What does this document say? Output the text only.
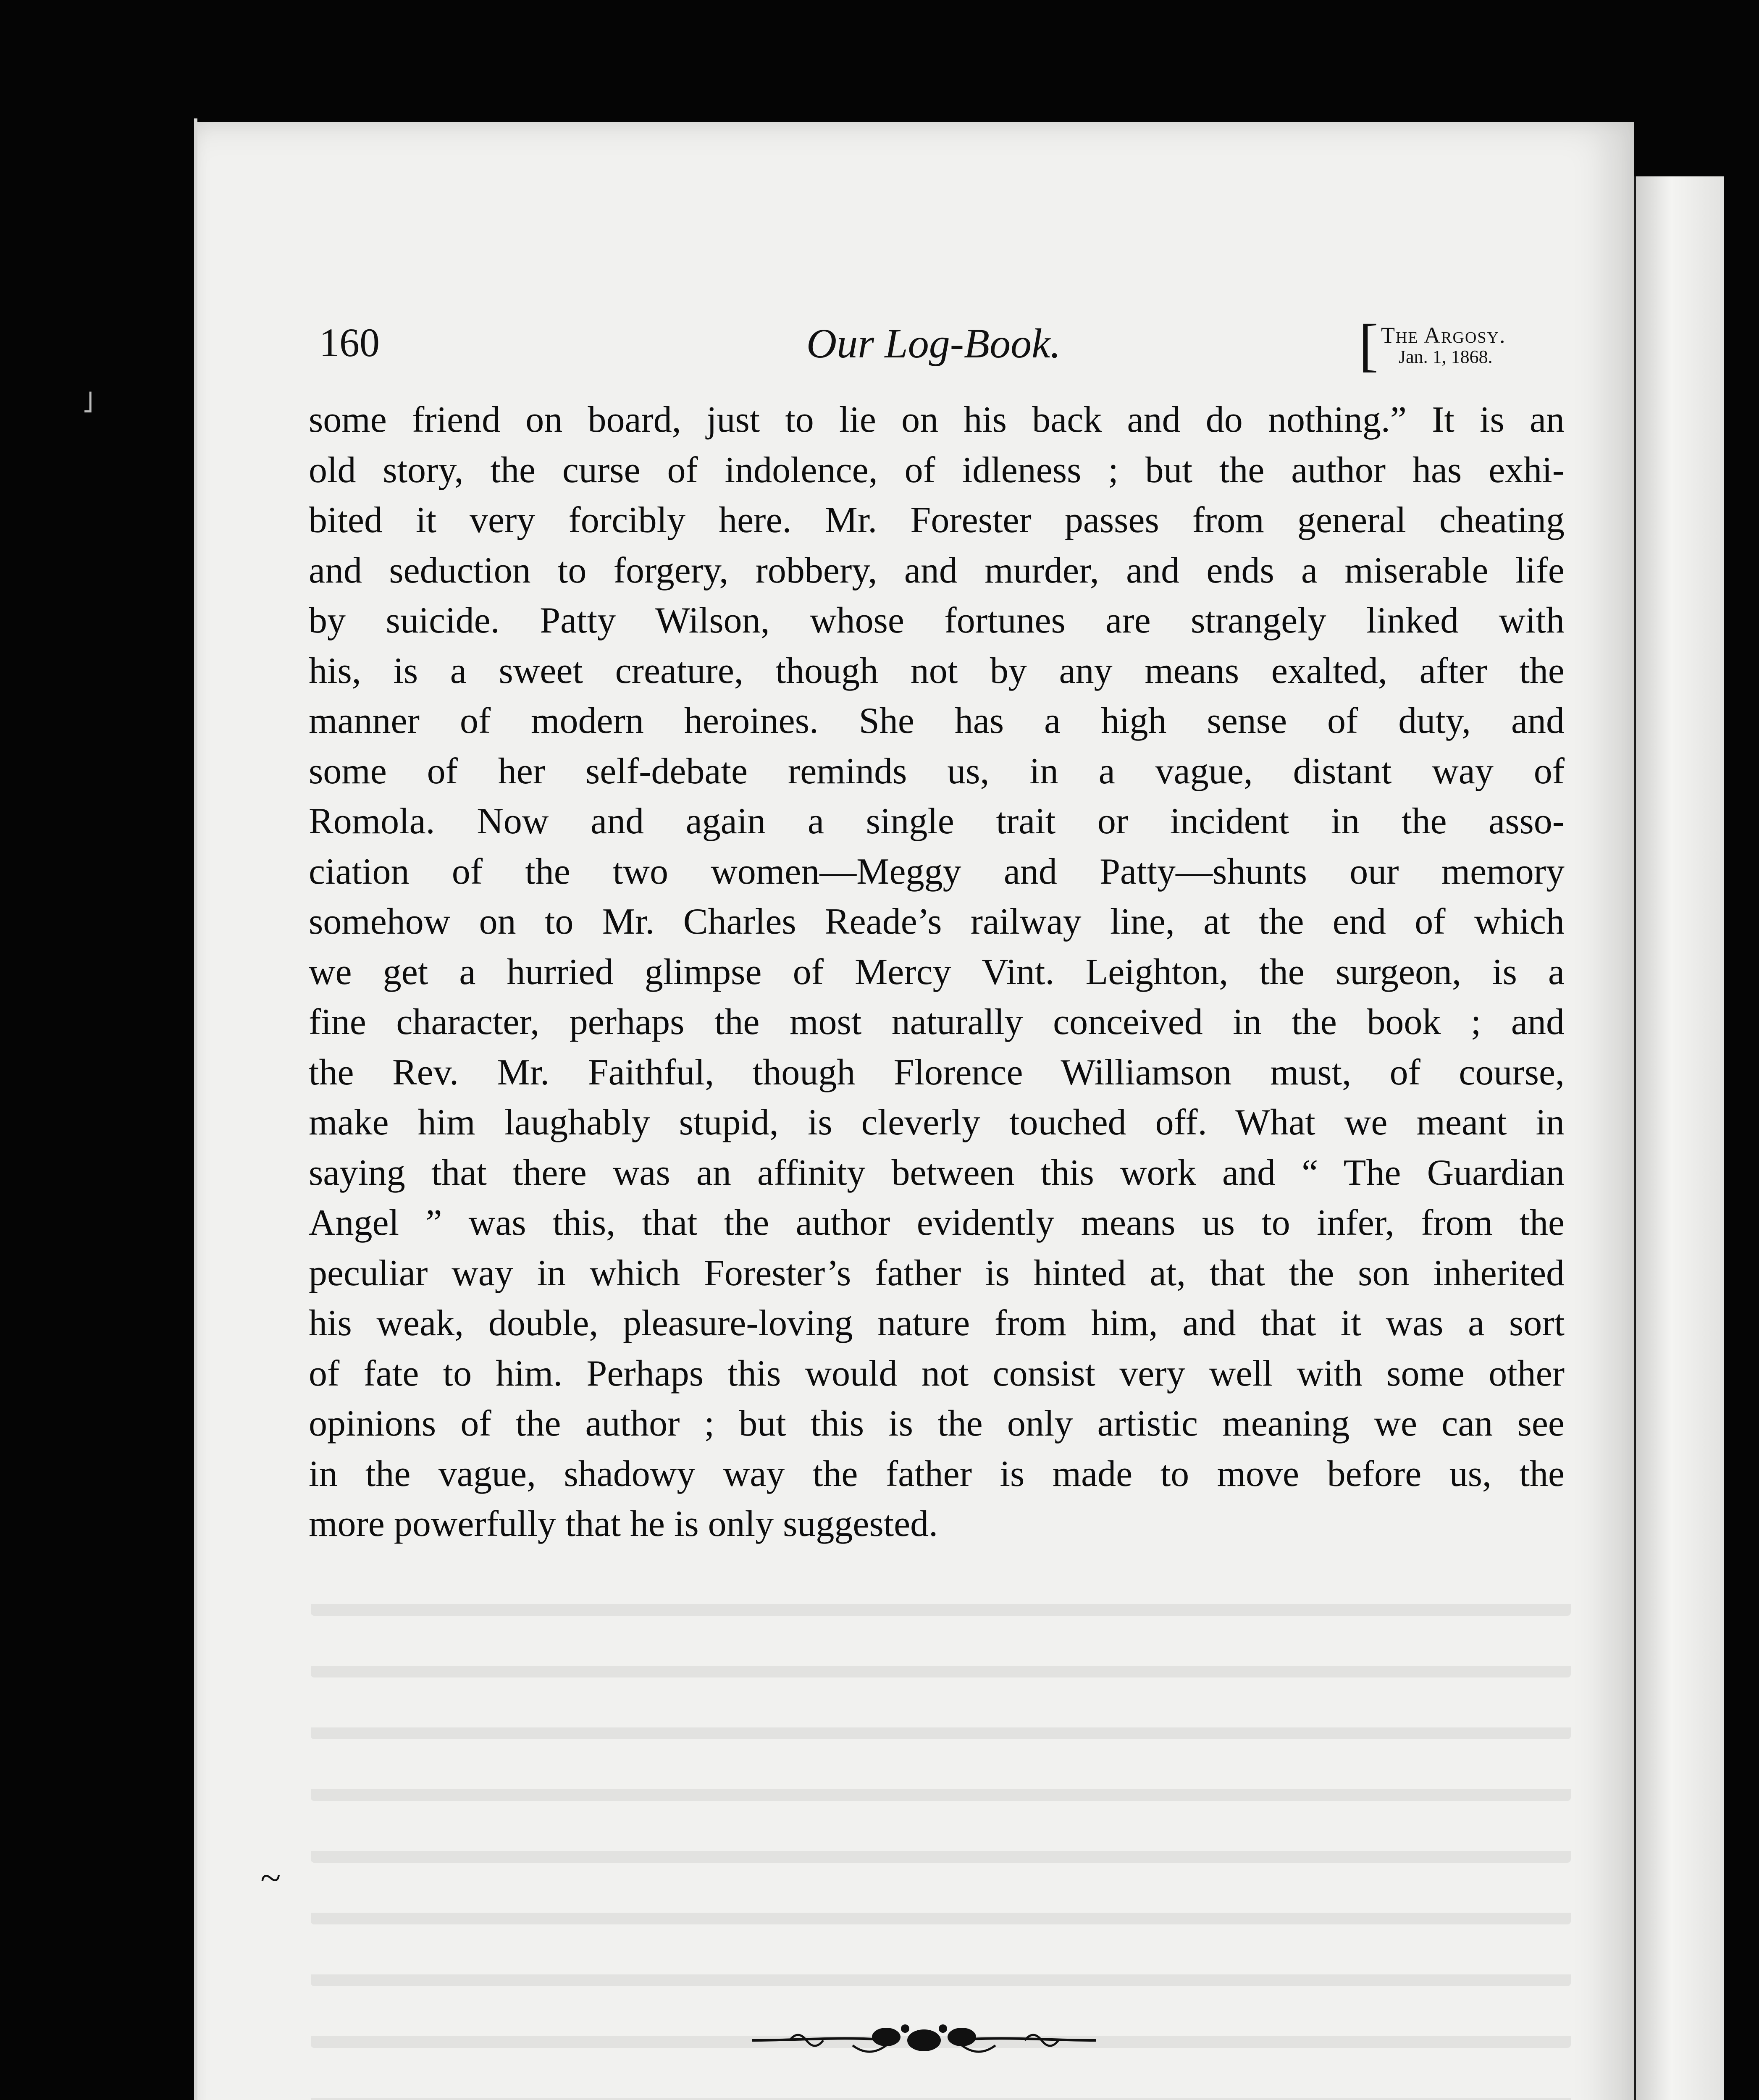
160	Our Log-Book.	[ The Argosy.
Jan. 1, 1868.
some friend on board, just to lie on his back and do nothing.” It is an
old story, the curse of indolence, of idleness ; but the author has exhi-
bited it very forcibly here. Mr. Forester passes from general cheating
and seduction to forgery, robbery, and murder, and ends a miserable life
by suicide. Patty Wilson, whose fortunes are strangely linked with
his, is a sweet creature, though not by any means exalted, after the
manner of modern heroines. She has a high sense of duty, and
some of her self-debate reminds us, in a vague, distant way of
Romola. Now and again a single trait or incident in the asso-
ciation of the two women—Meggy and Patty—shunts our memory
somehow on to Mr. Charles Reade’s railway line, at the end of which
we get a hurried glimpse of Mercy Vint. Leighton, the surgeon, is a
fine character, perhaps the most naturally conceived in the book ; and
the Rev. Mr. Faithful, though Florence Williamson must, of course,
make him laughably stupid, is cleverly touched off. What we meant in
saying that there was an affinity between this work and “ The Guardian
Angel ” was this, that the author evidently means us to infer, from the
peculiar way in which Forester’s father is hinted at, that the son inherited
his weak, double, pleasure-loving nature from him, and that it was a sort
of fate to him. Perhaps this would not consist very well with some other
opinions of the author ; but this is the only artistic meaning we can see
in the vague, shadowy way the father is made to move before us, the
more powerfully that he is only suggested.
~
˩
